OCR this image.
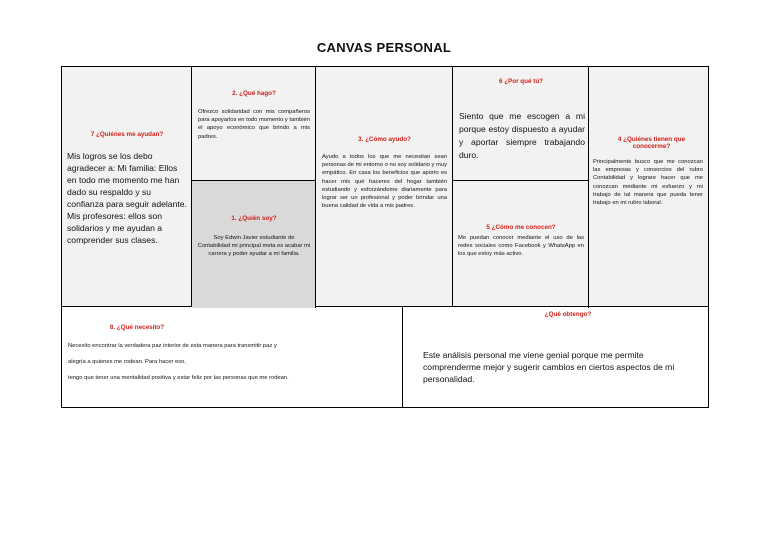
CANVAS PERSONAL
7 ¿Quiénes me ayudan?
Mis logros se los debo agradecer a: Mi familia: Ellos en todo me momento me han dado su respaldo y su confianza para seguir adelante. Mis profesores: ellos son solidarios y me ayudan a comprender sus clases.
2. ¿Qué hago?
Ofrezco solidaridad con mis compañeros para apoyarlos en todo momento y también el apoyo económico que brindo a mis padres.
1. ¿Quién soy?
Soy Edwin Javier estudiante de Contabilidad mi principal meta es acabar mi carrera y poder ayudar a mi familia.
3. ¿Cómo ayudo?
Ayudo a todos los que me necesitan sean personas de mi entorno o no soy solidario y muy empático. En casa los beneficios que aporto es hacer mis qué haceres del hogar también estudiando y esforzándome diariamente para lograr ser un profesional y poder brindar una buena calidad de vida a mis padres.
6 ¿Por qué tú?
Siento que me escogen a mi porque estoy dispuesto a ayudar y aportar siempre trabajando duro.
5 ¿Cómo me conocen?
Me puedan conocer mediante el uso de las redes sociales como Facebook y WhatsApp en los que estoy más activo.
4 ¿Quiénes tienen que conocerme?
Principalmente busco que me conozcan las empresas y consorcios del rubro Contabilidad y lograre hacer que me conozcan mediante mi esfuerzo y mi trabajo de tal manera que pueda tener trabajo en mi rubro laboral.
8. ¿Qué necesito?
Necesito encontrar la verdadera paz interior de esta manera para transmitir paz y
alegría a quienes me rodean. Para hacer eso,
tengo que tener una mentalidad positiva y estar feliz por las personas que me rodean.
¿Qué obtengo?
Este análisis personal me viene genial porque me permite comprenderme mejor y sugerir cambios en ciertos aspectos de mi personalidad.
